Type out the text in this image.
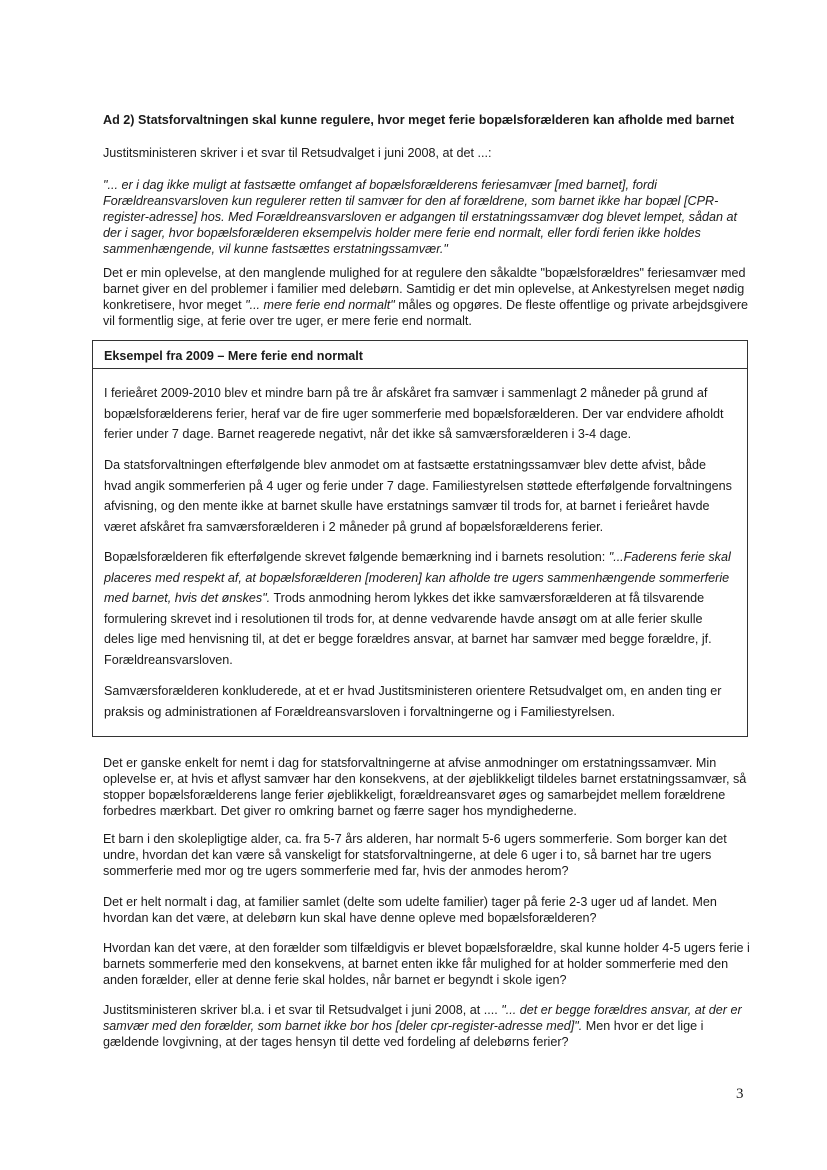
Ad 2) Statsforvaltningen skal kunne regulere, hvor meget ferie bopælsforælderen kan afholde med barnet

Justitsministeren skriver i et svar til Retsudvalget i juni 2008, at det ...:

"... er i dag ikke muligt at fastsætte omfanget af bopælsforælderens feriesamvær [med barnet], fordi Forældreansvarsloven kun regulerer retten til samvær for den af forældrene, som barnet ikke har bopæl [CPR-register-adresse] hos. Med Forældreansvarsloven er adgangen til erstatningssamvær dog blevet lempet, sådan at der i sager, hvor bopælsforælderen eksempelvis holder mere ferie end normalt, eller fordi ferien ikke holdes sammenhængende, vil kunne fastsættes erstatningssamvær."

Det er min oplevelse, at den manglende mulighed for at regulere den såkaldte "bopælsforældres" feriesamvær med barnet giver en del problemer i familier med delebørn. Samtidig er det min oplevelse, at Ankestyrelsen meget nødig konkretisere, hvor meget "... mere ferie end normalt" måles og opgøres. De fleste offentlige og private arbejdsgivere vil formentlig sige, at ferie over tre uger, er mere ferie end normalt.

Eksempel fra 2009 – Mere ferie end normalt

I ferieåret 2009-2010 blev et mindre barn på tre år afskåret fra samvær i sammenlagt 2 måneder på grund af bopælsforælderens ferier, heraf var de fire uger sommerferie med bopælsforælderen. Der var endvidere afholdt ferier under 7 dage. Barnet reagerede negativt, når det ikke så samværsforælderen i 3-4 dage.

Da statsforvaltningen efterfølgende blev anmodet om at fastsætte erstatningssamvær blev dette afvist, både hvad angik sommerferien på 4 uger og ferie under 7 dage. Familiestyrelsen støttede efterfølgende forvaltningens afvisning, og den mente ikke at barnet skulle have erstatnings samvær til trods for, at barnet i ferieåret havde været afskåret fra samværsforælderen i 2 måneder på grund af bopælsforælderens ferier.

Bopælsforælderen fik efterfølgende skrevet følgende bemærkning ind i barnets resolution: "...Faderens ferie skal placeres med respekt af, at bopælsforælderen [moderen] kan afholde tre ugers sammenhængende sommerferie med barnet, hvis det ønskes". Trods anmodning herom lykkes det ikke samværsforælderen at få tilsvarende formulering skrevet ind i resolutionen til trods for, at denne vedvarende havde ansøgt om at alle ferier skulle deles lige med henvisning til, at det er begge forældres ansvar, at barnet har samvær med begge forældre, jf. Forældreansvarsloven.

Samværsforælderen konkluderede, at et er hvad Justitsministeren orientere Retsudvalget om, en anden ting er praksis og administrationen af Forældreansvarsloven i forvaltningerne og i Familiestyrelsen.

Det er ganske enkelt for nemt i dag for statsforvaltningerne at afvise anmodninger om erstatningssamvær. Min oplevelse er, at hvis et aflyst samvær har den konsekvens, at der øjeblikkeligt tildeles barnet erstatningssamvær, så stopper bopælsforælderens lange ferier øjeblikkeligt, forældreansvaret øges og samarbejdet mellem forældrene forbedres mærkbart. Det giver ro omkring barnet og færre sager hos myndighederne.

Et barn i den skolepligtige alder, ca. fra 5-7 års alderen, har normalt 5-6 ugers sommerferie. Som borger kan det undre, hvordan det kan være så vanskeligt for statsforvaltningerne, at dele 6 uger i to, så barnet har tre ugers sommerferie med mor og tre ugers sommerferie med far, hvis der anmodes herom?

Det er helt normalt i dag, at familier samlet (delte som udelte familier) tager på ferie 2-3 uger ud af landet. Men hvordan kan det være, at delebørn kun skal have denne opleve med bopælsforælderen?

Hvordan kan det være, at den forælder som tilfældigvis er blevet bopælsforældre, skal kunne holder 4-5 ugers ferie i barnets sommerferie med den konsekvens, at barnet enten ikke får mulighed for at holder sommerferie med den anden forælder, eller at denne ferie skal holdes, når barnet er begyndt i skole igen?

Justitsministeren skriver bl.a. i et svar til Retsudvalget i juni 2008, at .... "... det er begge forældres ansvar, at der er samvær med den forælder, som barnet ikke bor hos [deler cpr-register-adresse med]". Men hvor er det lige i gældende lovgivning, at der tages hensyn til dette ved fordeling af delebørns ferier?

3
